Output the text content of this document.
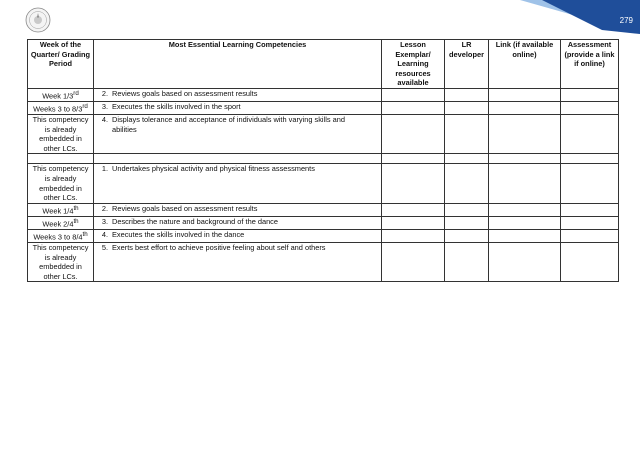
279
Week of the Quarter/ Grading Period	Most Essential Learning Competencies	Lesson Exemplar/ Learning resources available	LR developer	Link (if available online)	Assessment (provide a link if online)
Week 1/3rd	2. Reviews goals based on assessment results				
Weeks 3 to 8/3rd	3. Executes the skills involved in the sport				
This competency is already embedded in other LCs.	4. Displays tolerance and acceptance of individuals with varying skills and abilities				

This competency is already embedded in other LCs.	1. Undertakes physical activity and physical fitness assessments				
Week 1/4th	2. Reviews goals based on assessment results				
Week 2/4th	3. Describes the nature and background of the dance				
Weeks 3 to 8/4th	4. Executes the skills involved in the dance				
This competency is already embedded in other LCs.	5. Exerts best effort to achieve positive feeling about self and others				
